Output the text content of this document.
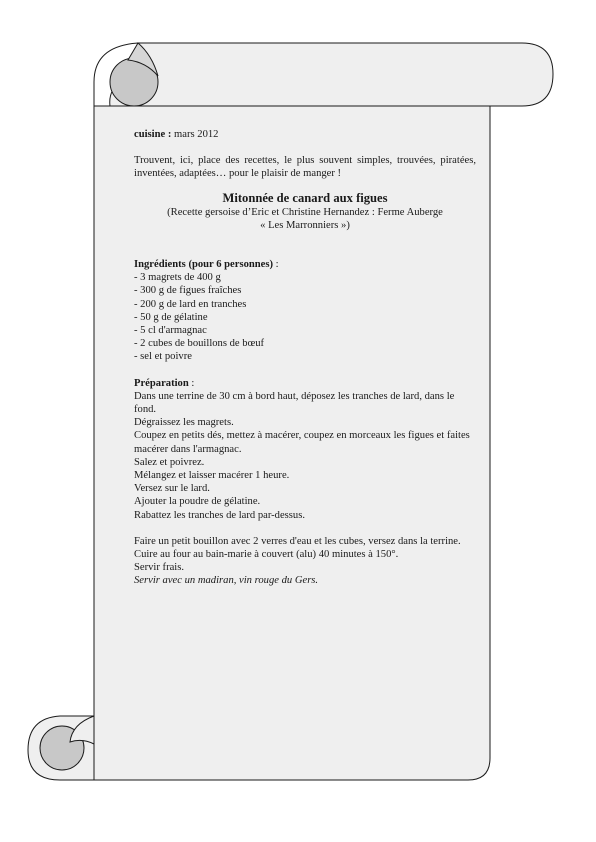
cuisine : mars 2012

Trouvent, ici, place des recettes, le plus souvent simples, trouvées, piratées, inventées, adaptées… pour le plaisir de manger !

Mitonnée de canard aux figues
(Recette gersoise d’Eric et Christine Hernandez : Ferme Auberge
« Les Marronniers »)

Ingrédients (pour 6 personnes) :

- 3 magrets de 400 g
- 300 g de figues fraîches
- 200 g de lard en tranches
- 50 g de gélatine
- 5 cl d'armagnac
- 2 cubes de bouillons de bœuf
- sel et poivre

Préparation :

Dans une terrine de 30 cm à bord haut, déposez les tranches de lard, dans le fond.

Dégraissez les magrets.

Coupez en petits dés, mettez à macérer, coupez en morceaux les figues et faites macérer dans l'armagnac.

Salez et poivrez.

Mélangez et laisser macérer 1 heure.

Versez sur le lard.

Ajouter la poudre de gélatine.

Rabattez les tranches de lard par-dessus.

Faire un petit bouillon avec 2 verres d'eau et les cubes, versez dans la terrine.

Cuire au four au bain-marie à couvert (alu) 40 minutes à 150°.

Servir frais.

Servir avec un madiran, vin rouge du Gers.
